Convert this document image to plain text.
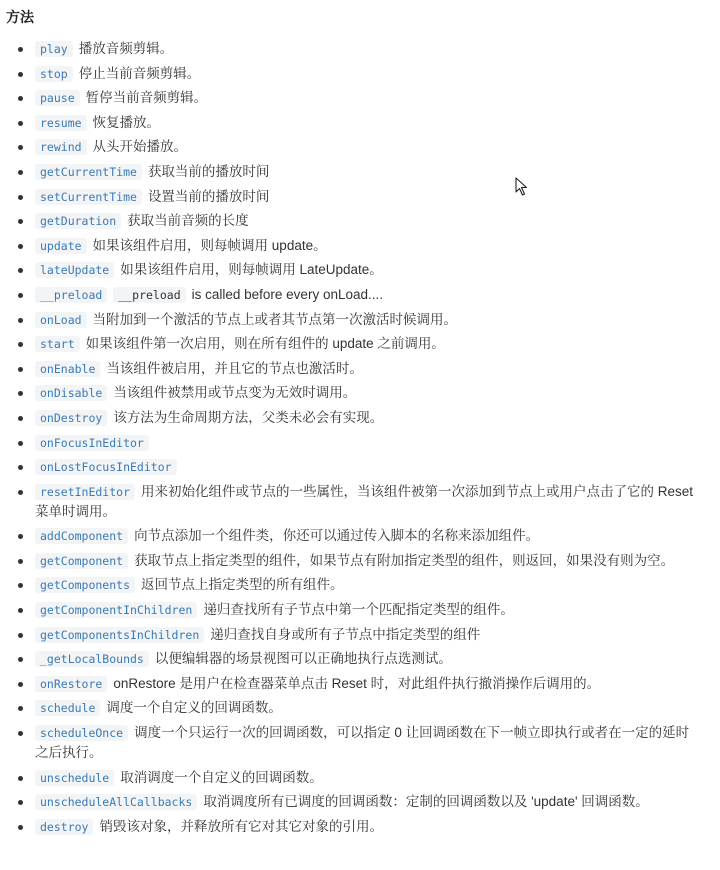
方法
play 播放音频剪辑。
stop 停止当前音频剪辑。
pause 暂停当前音频剪辑。
resume 恢复播放。
rewind 从头开始播放。
getCurrentTime 获取当前的播放时间
setCurrentTime 设置当前的播放时间
getDuration 获取当前音频的长度
update 如果该组件启用，则每帧调用 update。
lateUpdate 如果该组件启用，则每帧调用 LateUpdate。
__preload __preload is called before every onLoad....
onLoad 当附加到一个激活的节点上或者其节点第一次激活时候调用。
start 如果该组件第一次启用，则在所有组件的 update 之前调用。
onEnable 当该组件被启用，并且它的节点也激活时。
onDisable 当该组件被禁用或节点变为无效时调用。
onDestroy 该方法为生命周期方法，父类未必会有实现。
onFocusInEditor
onLostFocusInEditor
resetInEditor 用来初始化组件或节点的一些属性，当该组件被第一次添加到节点上或用户点击了它的 Reset 菜单时调用。
addComponent 向节点添加一个组件类，你还可以通过传入脚本的名称来添加组件。
getComponent 获取节点上指定类型的组件，如果节点有附加指定类型的组件，则返回，如果没有则为空。
getComponents 返回节点上指定类型的所有组件。
getComponentInChildren 递归查找所有子节点中第一个匹配指定类型的组件。
getComponentsInChildren 递归查找自身或所有子节点中指定类型的组件
_getLocalBounds 以便编辑器的场景视图可以正确地执行点选测试。
onRestore onRestore 是用户在检查器菜单点击 Reset 时，对此组件执行撤消操作后调用的。
schedule 调度一个自定义的回调函数。
scheduleOnce 调度一个只运行一次的回调函数，可以指定 0 让回调函数在下一帧立即执行或者在一定的延时之后执行。
unschedule 取消调度一个自定义的回调函数。
unscheduleAllCallbacks 取消调度所有已调度的回调函数：定制的回调函数以及 'update' 回调函数。
destroy 销毁该对象，并释放所有它对其它对象的引用。
